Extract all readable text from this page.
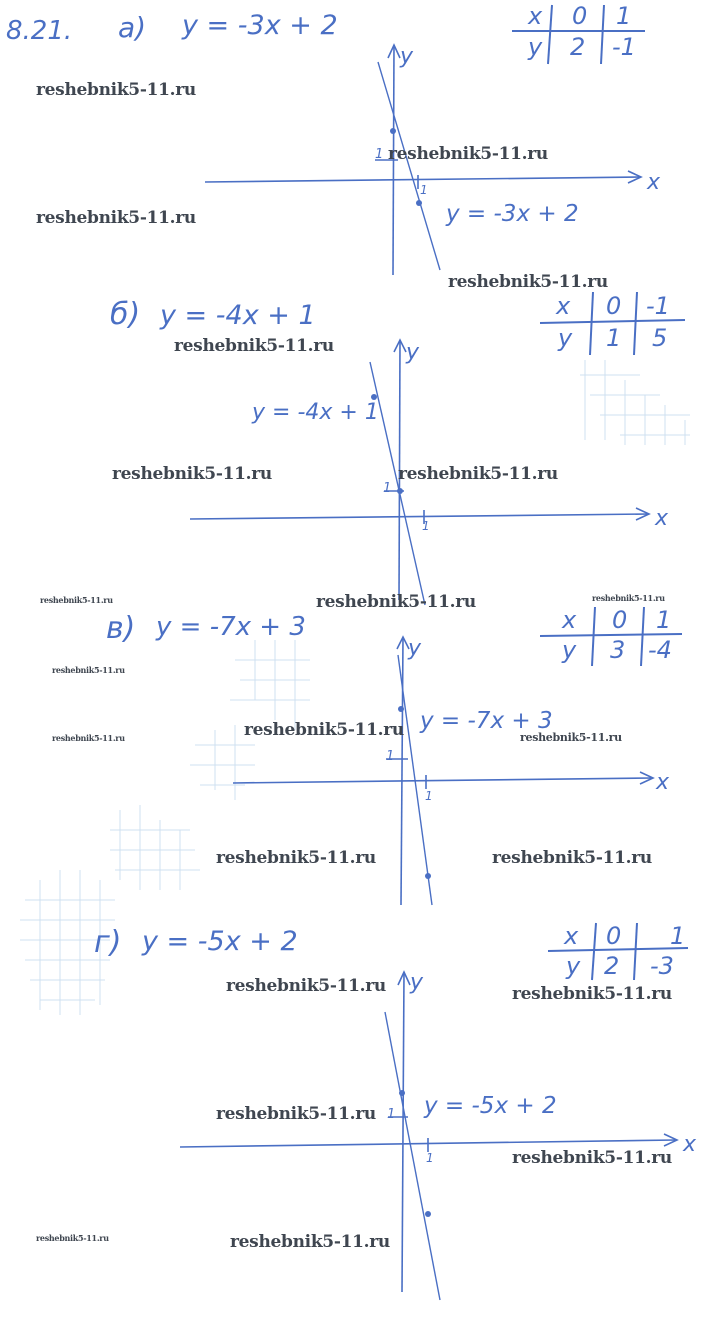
8.21. а) y = -3x + 2	x 0 1
y 2 -1
x
y
1
1
y = -3x + 2
б) y = -4x + 1	x 0 -1
y 1 5
x
y
1
1
y = -4x + 1
в) y = -7x + 3	x 0 1
y 3 -4
x
y
1
1
y = -7x + 3
г) y = -5x + 2	x 0 1
y 2 -3
x
y
1
1 y = -5x + 2
reshebnik5-11.ru
reshebnik5-11.ru
reshebnik5-11.ru
reshebnik5-11.ru
reshebnik5-11.ru
reshebnik5-11.ru	reshebnik5-11.ru
reshebnik5-11.ru	reshebnik5-11.ru	reshebnik5-11.ru
reshebnik5-11.ru
reshebnik5-11.ru	reshebnik5-11.ru	reshebnik5-11.ru
reshebnik5-11.ru	reshebnik5-11.ru
reshebnik5-11.ru	reshebnik5-11.ru
reshebnik5-11.ru
reshebnik5-11.ru
reshebnik5-11.ru	reshebnik5-11.ru
